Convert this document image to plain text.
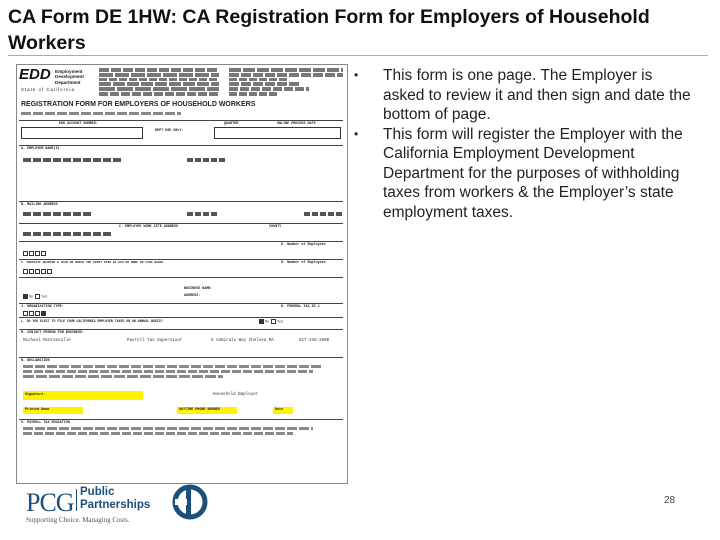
CA Form DE 1HW: CA Registration Form for Employers of Household Workers
EDD Employment
Development
Department
State of California
REGISTRATION FORM FOR EMPLOYERS OF HOUSEHOLD WORKERS
EDD ACCOUNT NUMBER:
DEPT USE ONLY:
QUARTER	ONLINE PROCESS DATE
A. EMPLOYER NAME(S)
B. MAILING ADDRESS
C. EMPLOYEE WORK SITE ADDRESS	COUNTY
E. Number of Employees
F. INDICATE QUARTER & YEAR IN WHICH YOU FIRST PAID $1,000 OR MORE IN CASH WAGES	G. Number of Employees
BUSINESS NAME:
ADDRESS:
No Yes
J. ORGANIZATION TYPE:	K. FEDERAL TAX ID #
L. DO YOU ELECT TO FILE YOUR CALIFORNIA EMPLOYER TAXES ON AN ANNUAL BASIS?	No Yes
M. CONTACT PERSON FOR BUSINESS:
Michael McGranville	Payroll Tax Supervisor	6 Admirals Way Chelsea MA	617-336-2000
N. DECLARATION
Signature:	Household Employer
Printed Name	DAYTIME PHONE NUMBER	Date
O. PAYROLL TAX EDUCATION
• This form is one page. The Employer is asked to review it and then sign and date the bottom of page.
• This form will register the Employer with the California Employment Development Department for the purposes of withholding taxes from workers & the Employer’s state employment taxes.
PCG Public
Partnerships
Supporting Choice. Managing Costs.
28
